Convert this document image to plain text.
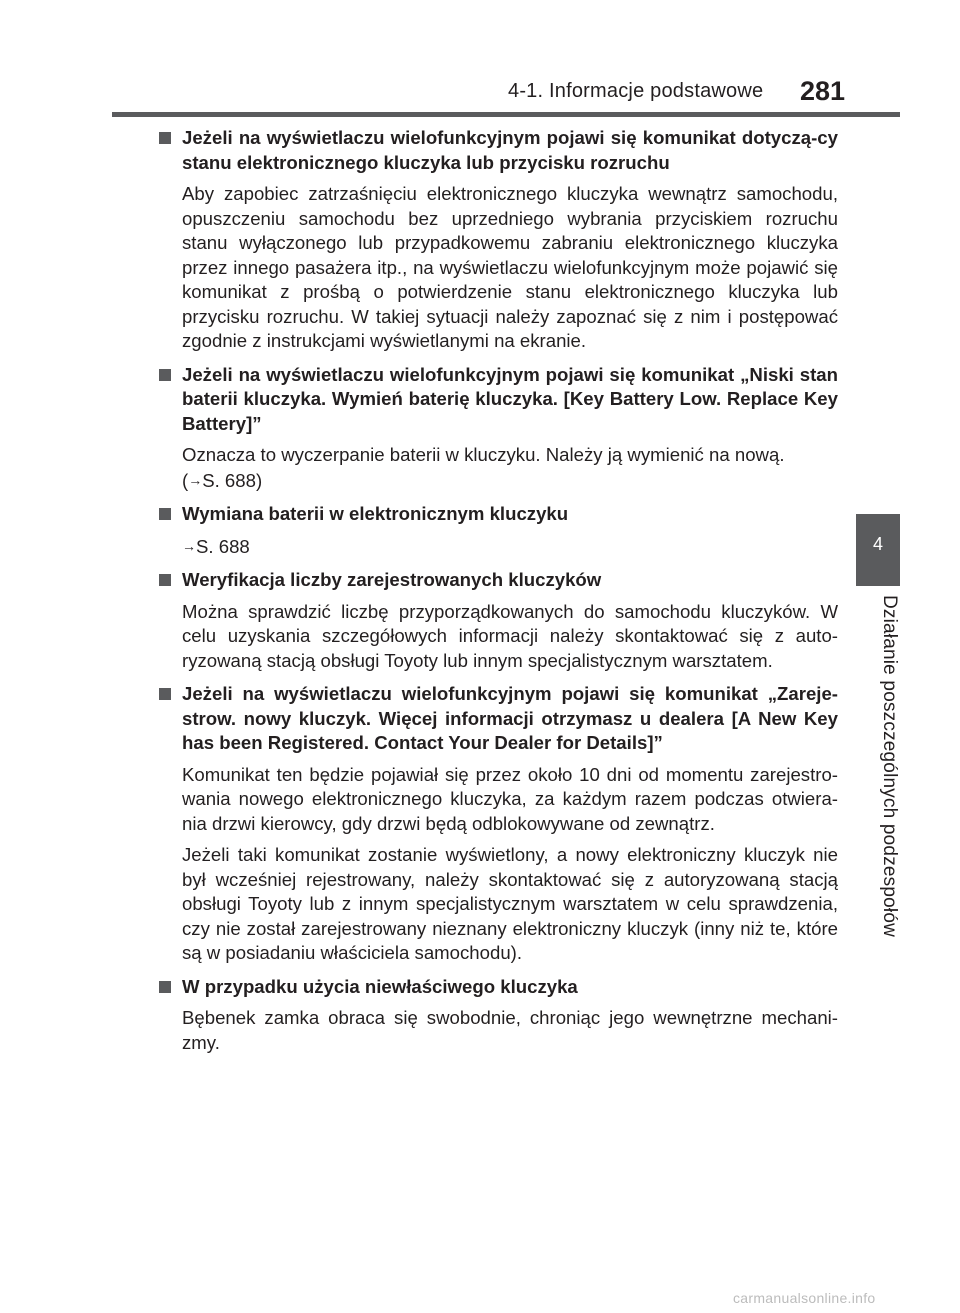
4-1. Informacje podstawowe 281
4
Działanie poszczególnych podzespołów

Jeżeli na wyświetlaczu wielofunkcyjnym pojawi się komunikat dotyczą-cy stanu elektronicznego kluczyka lub przycisku rozruchu

Aby zapobiec zatrzaśnięciu elektronicznego kluczyka wewnątrz samochodu, opuszczeniu samochodu bez uprzedniego wybrania przyciskiem rozruchu stanu wyłączonego lub przypadkowemu zabraniu elektronicznego kluczyka przez innego pasażera itp., na wyświetlaczu wielofunkcyjnym może pojawić się komunikat z prośbą o potwierdzenie stanu elektronicznego kluczyka lub przycisku rozruchu. W takiej sytuacji należy zapoznać się z nim i postępować zgodnie z instrukcjami wyświetlanymi na ekranie.

Jeżeli na wyświetlaczu wielofunkcyjnym pojawi się komunikat „Niski stan baterii kluczyka. Wymień baterię kluczyka. [Key Battery Low. Replace Key Battery]”

Oznacza to wyczerpanie baterii w kluczyku. Należy ją wymienić na nową.
(→S. 688)

Wymiana baterii w elektronicznym kluczyku

→S. 688

Weryfikacja liczby zarejestrowanych kluczyków

Można sprawdzić liczbę przyporządkowanych do samochodu kluczyków. W celu uzyskania szczegółowych informacji należy skontaktować się z auto-ryzowaną stacją obsługi Toyoty lub innym specjalistycznym warsztatem.

Jeżeli na wyświetlaczu wielofunkcyjnym pojawi się komunikat „Zareje-strow. nowy kluczyk. Więcej informacji otrzymasz u dealera [A New Key has been Registered. Contact Your Dealer for Details]”

Komunikat ten będzie pojawiał się przez około 10 dni od momentu zarejestro-wania nowego elektronicznego kluczyka, za każdym razem podczas otwiera-nia drzwi kierowcy, gdy drzwi będą odblokowywane od zewnątrz.

Jeżeli taki komunikat zostanie wyświetlony, a nowy elektroniczny kluczyk nie był wcześniej rejestrowany, należy skontaktować się z autoryzowaną stacją obsługi Toyoty lub z innym specjalistycznym warsztatem w celu sprawdzenia, czy nie został zarejestrowany nieznany elektroniczny kluczyk (inny niż te, które są w posiadaniu właściciela samochodu).

W przypadku użycia niewłaściwego kluczyka

Bębenek zamka obraca się swobodnie, chroniąc jego wewnętrzne mechani-zmy.

carmanualsonline.info
